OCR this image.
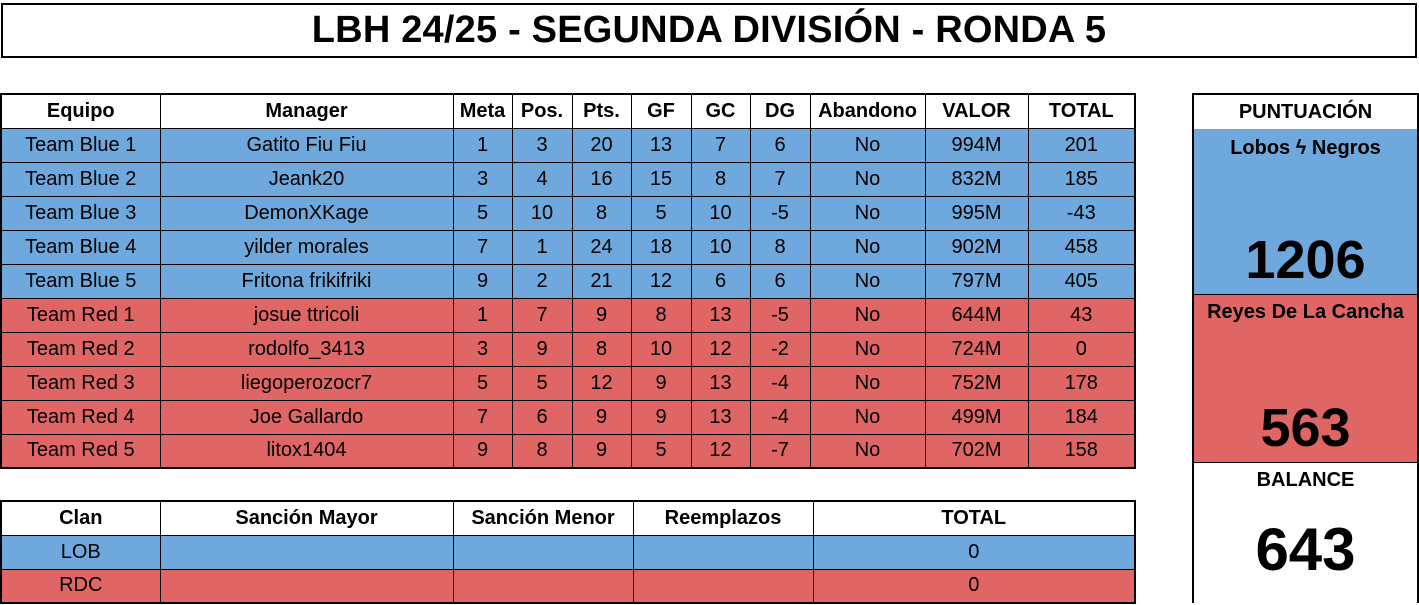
LBH 24/25 - SEGUNDA DIVISIÓN - RONDA 5
Equipo	Manager	Meta	Pos.	Pts.	GF	GC	DG	Abandono	VALOR	TOTAL
Team Blue 1	Gatito Fiu Fiu	1	3	20	13	7	6	No	994M	201
Team Blue 2	Jeank20	3	4	16	15	8	7	No	832M	185
Team Blue 3	DemonXKage	5	10	8	5	10	-5	No	995M	-43
Team Blue 4	yilder morales	7	1	24	18	10	8	No	902M	458
Team Blue 5	Fritona frikifriki	9	2	21	12	6	6	No	797M	405
Team Red 1	josue ttricoli	1	7	9	8	13	-5	No	644M	43
Team Red 2	rodolfo_3413	3	9	8	10	12	-2	No	724M	0
Team Red 3	liegoperozocr7	5	5	12	9	13	-4	No	752M	178
Team Red 4	Joe Gallardo	7	6	9	9	13	-4	No	499M	184
Team Red 5	litox1404	9	8	9	5	12	-7	No	702M	158
Clan	Sanción Mayor	Sanción Menor	Reemplazos	TOTAL
LOB				0
RDC				0
PUNTUACIÓN
Lobos ϟ Negros
1206
Reyes De La Cancha
563
BALANCE
643
